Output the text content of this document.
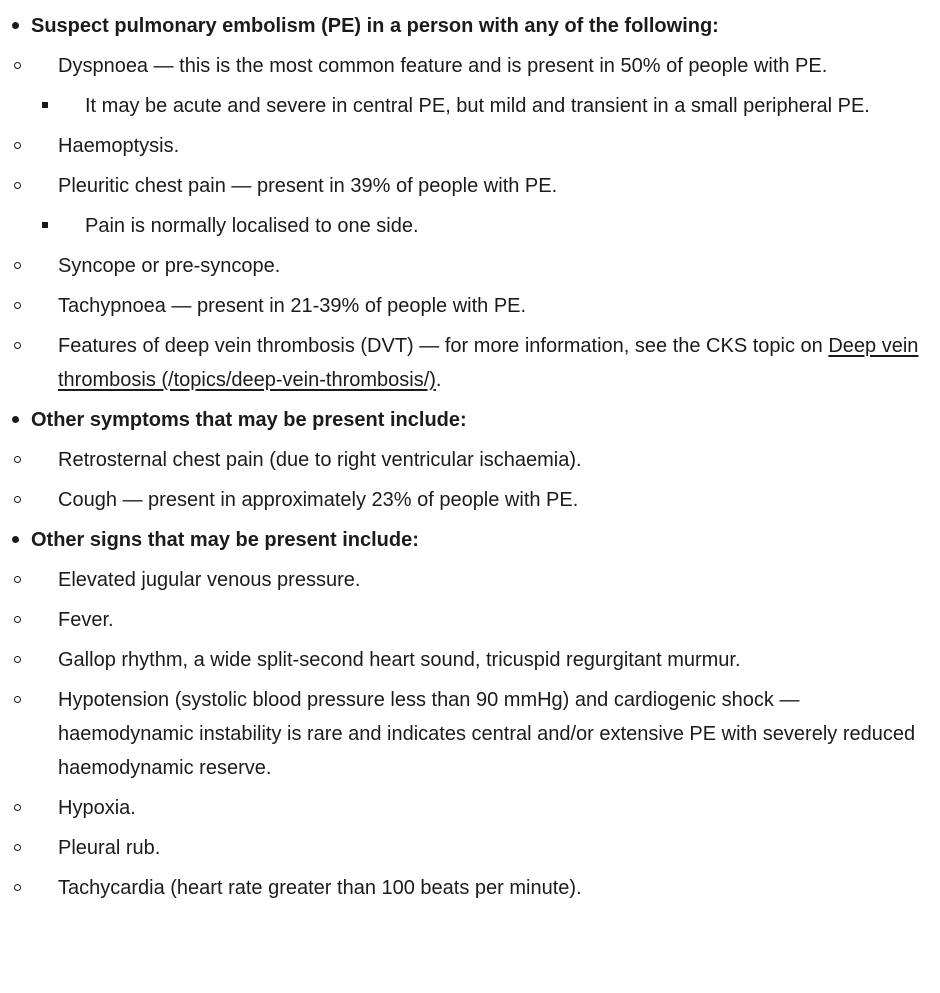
Suspect pulmonary embolism (PE) in a person with any of the following:
Dyspnoea — this is the most common feature and is present in 50% of people with PE.
It may be acute and severe in central PE, but mild and transient in a small peripheral PE.
Haemoptysis.
Pleuritic chest pain — present in 39% of people with PE.
Pain is normally localised to one side.
Syncope or pre-syncope.
Tachypnoea — present in 21-39% of people with PE.
Features of deep vein thrombosis (DVT) — for more information, see the CKS topic on Deep vein thrombosis (/topics/deep-vein-thrombosis/).
Other symptoms that may be present include:
Retrosternal chest pain (due to right ventricular ischaemia).
Cough — present in approximately 23% of people with PE.
Other signs that may be present include:
Elevated jugular venous pressure.
Fever.
Gallop rhythm, a wide split-second heart sound, tricuspid regurgitant murmur.
Hypotension (systolic blood pressure less than 90 mmHg) and cardiogenic shock — haemodynamic instability is rare and indicates central and/or extensive PE with severely reduced haemodynamic reserve.
Hypoxia.
Pleural rub.
Tachycardia (heart rate greater than 100 beats per minute).
